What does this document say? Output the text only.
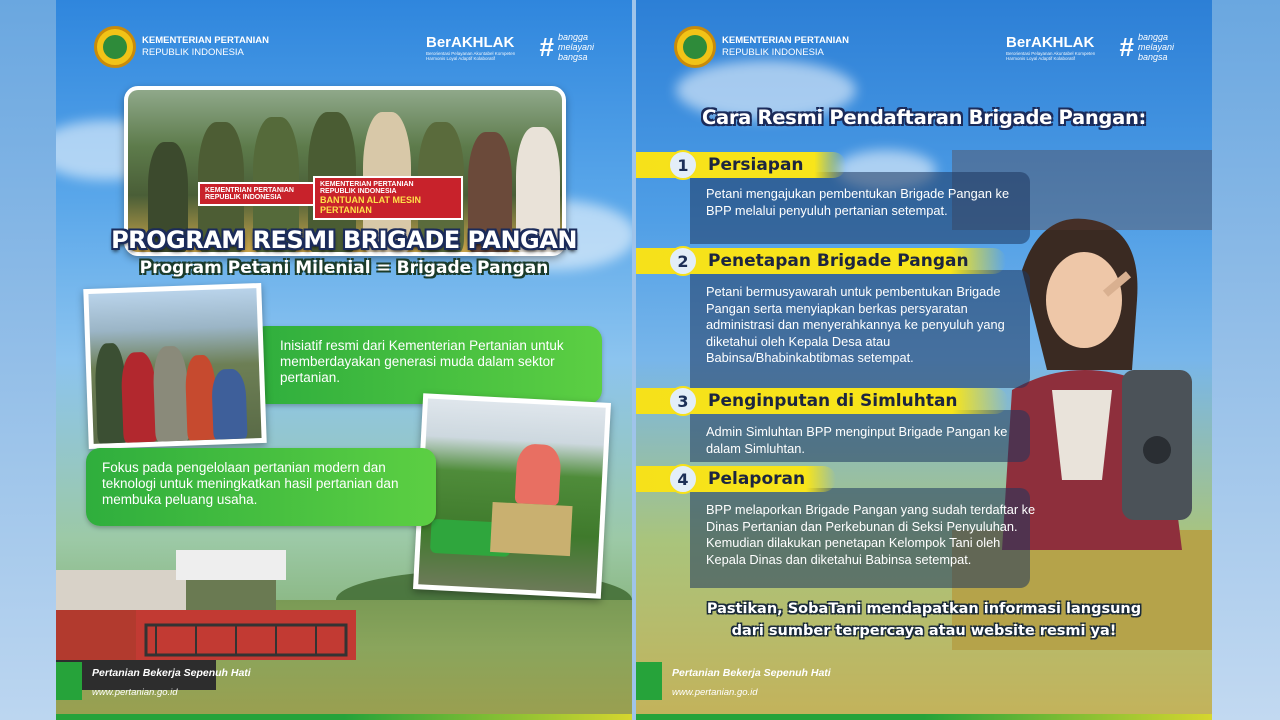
KEMENTERIAN PERTANIAN
REPUBLIK INDONESIA
BerAKHLAK
Berorientasi Pelayanan Akuntabel Kompeten Harmonis Loyal Adaptif Kolaboratif	# bangga
melayani
bangsa
KEMENTRIAN PERTANIAN
REPUBLIK INDONESIA
KEMENTERIAN PERTANIAN
REPUBLIK INDONESIA
BANTUAN ALAT MESIN PERTANIAN
PROGRAM RESMI BRIGADE PANGAN
Program Petani Milenial = Brigade Pangan
Inisiatif resmi dari Kementerian Pertanian untuk memberdayakan generasi muda dalam sektor pertanian.
Fokus pada pengelolaan pertanian modern dan teknologi untuk meningkatkan hasil pertanian dan membuka peluang usaha.
Pertanian Bekerja Sepenuh Hati
www.pertanian.go.id
KEMENTERIAN PERTANIAN
REPUBLIK INDONESIA
BerAKHLAK
Berorientasi Pelayanan Akuntabel Kompeten Harmonis Loyal Adaptif Kolaboratif	# bangga
melayani
bangsa
Cara Resmi Pendaftaran Brigade Pangan:
1	Persiapan
Petani mengajukan pembentukan Brigade Pangan ke BPP melalui penyuluh pertanian setempat.
2	Penetapan Brigade Pangan
Petani bermusyawarah untuk pembentukan Brigade Pangan serta menyiapkan berkas persyaratan administrasi dan menyerahkannya ke penyuluh yang diketahui oleh Kepala Desa atau Babinsa/Bhabinkabtibmas setempat.
3	Penginputan di Simluhtan
Admin Simluhtan BPP menginput Brigade Pangan ke dalam Simluhtan.
4	Pelaporan
BPP melaporkan Brigade Pangan yang sudah terdaftar ke Dinas Pertanian dan Perkebunan di Seksi Penyuluhan. Kemudian dilakukan penetapan Kelompok Tani oleh Kepala Dinas dan diketahui Babinsa setempat.
Pastikan, SobaTani mendapatkan informasi langsung
dari sumber terpercaya atau website resmi ya!
Pertanian Bekerja Sepenuh Hati
www.pertanian.go.id
